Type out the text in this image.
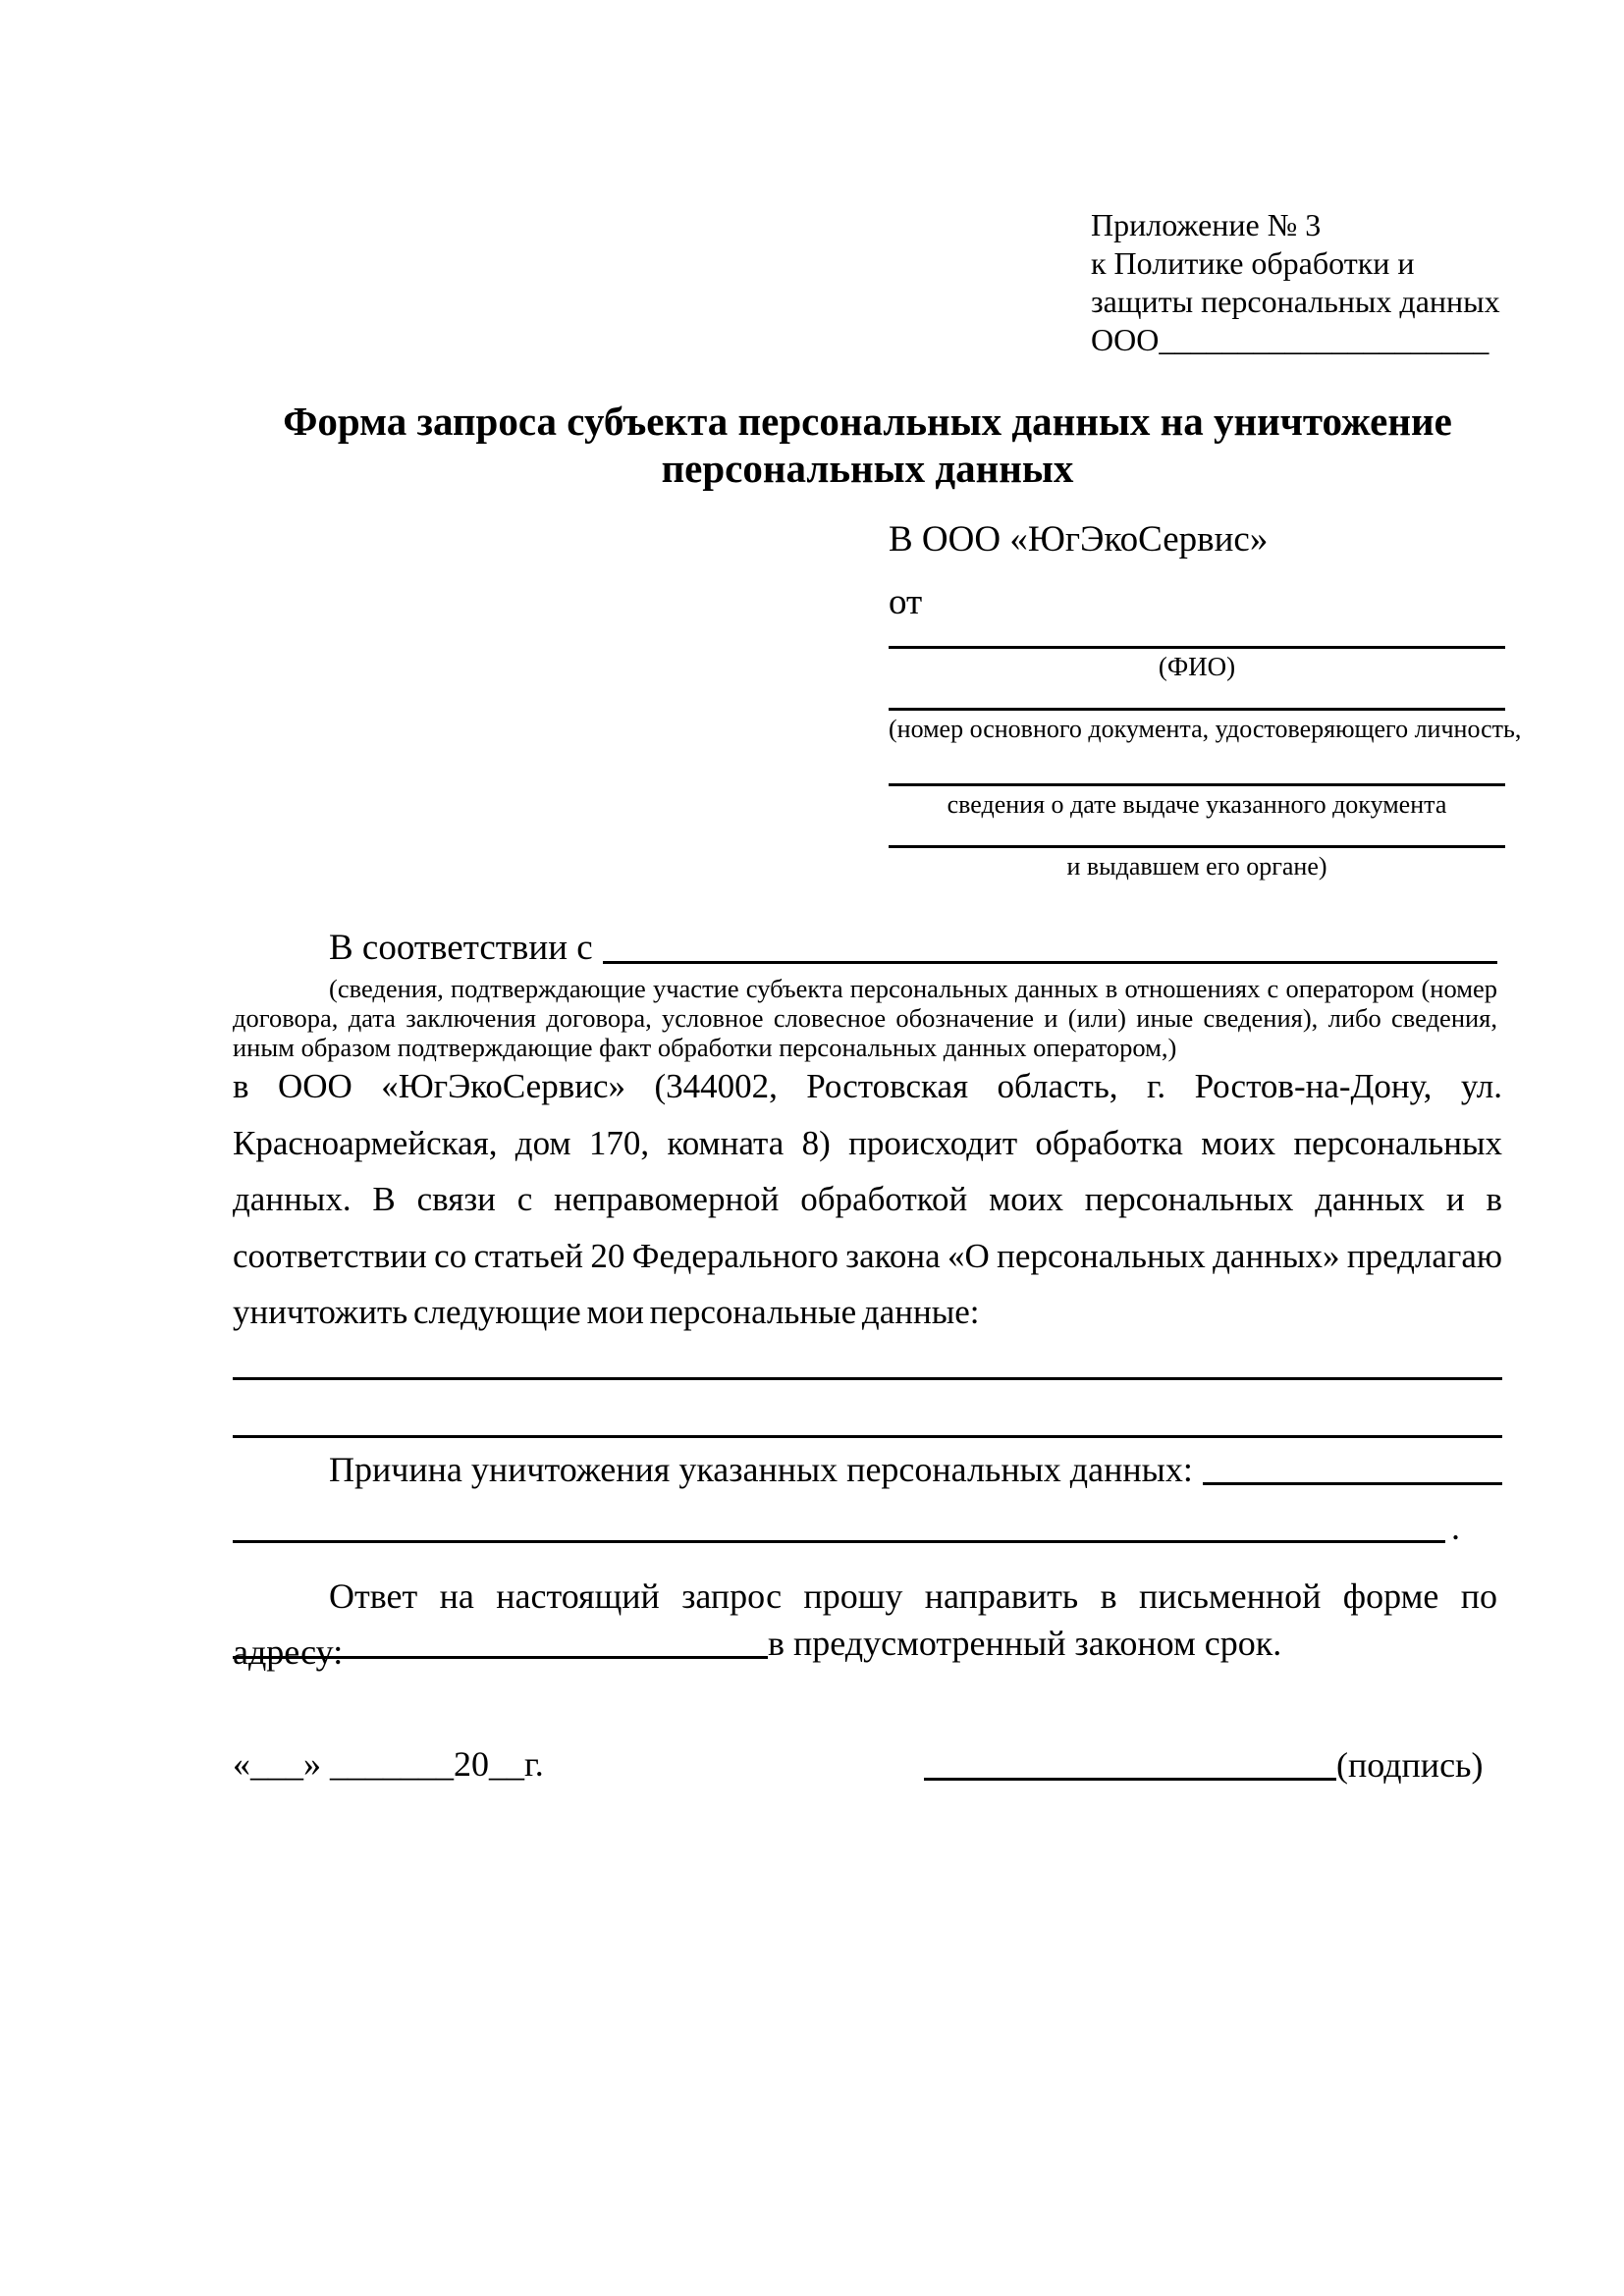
Приложение № 3
к Политике обработки и
защиты персональных данных
ООО_____________________
Форма запроса субъекта персональных данных на уничтожение персональных данных
В ООО «ЮгЭкоСервис»
от
(ФИО)
(номер основного документа, удостоверяющего личность,
сведения о дате выдаче указанного документа
и выдавшем его органе)
В соответствии с

(сведения, подтверждающие участие субъекта персональных данных в отношениях с оператором (номер договора, дата заключения договора, условное словесное обозначение и (или) иные сведения), либо сведения, иным образом подтверждающие факт обработки персональных данных оператором,)

в ООО «ЮгЭкоСервис» (344002, Ростовская область, г. Ростов-на-Дону, ул. Красноармейская, дом 170, комната 8) происходит обработка моих персональных данных. В связи с неправомерной обработкой моих персональных данных и в соответствии со статьей 20 Федерального закона «О персональных данных» предлагаю уничтожить следующие мои персональные данные:

Причина уничтожения указанных персональных данных:
.

Ответ на настоящий запрос прошу направить в письменной форме по адресу:	в предусмотренный законом срок.
«___» _______20__г.	(подпись)
